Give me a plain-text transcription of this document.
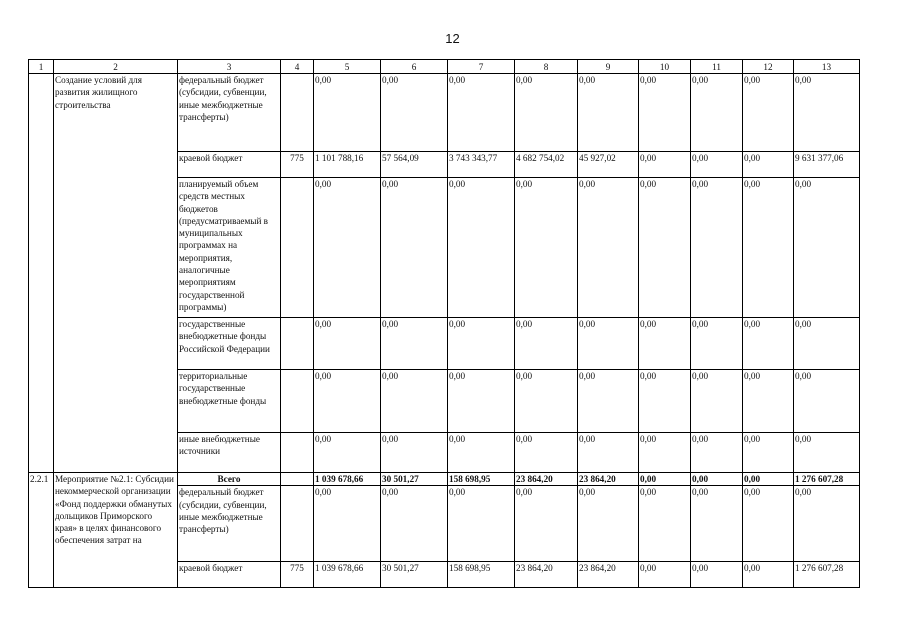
12
1	2	3	4	5	6	7	8	9	10	11	12	13
	Создание условий для развития жилищного строительства	федеральный бюджет (субсидии, субвенции, иные межбюджетные трансферты)		0,00	0,00	0,00	0,00	0,00	0,00	0,00	0,00	0,00
		краевой бюджет	775	1 101 788,16	57 564,09	3 743 343,77	4 682 754,02	45 927,02	0,00	0,00	0,00	9 631 377,06
		планируемый объем средств местных бюджетов (предусматриваемый в муниципальных программах на мероприятия, аналогичные мероприятиям государственной программы)		0,00	0,00	0,00	0,00	0,00	0,00	0,00	0,00	0,00
		государственные внебюджетные фонды Российской Федерации		0,00	0,00	0,00	0,00	0,00	0,00	0,00	0,00	0,00
		территориальные государственные внебюджетные фонды		0,00	0,00	0,00	0,00	0,00	0,00	0,00	0,00	0,00
		иные внебюджетные источники		0,00	0,00	0,00	0,00	0,00	0,00	0,00	0,00	0,00
2.2.1	Мероприятие №2.1: Субсидии некоммерческой организации «Фонд поддержки обманутых дольщиков Приморского края» в целях финансового обеспечения затрат на	Всего		1 039 678,66	30 501,27	158 698,95	23 864,20	23 864,20	0,00	0,00	0,00	1 276 607,28
		федеральный бюджет (субсидии, субвенции, иные межбюджетные трансферты)		0,00	0,00	0,00	0,00	0,00	0,00	0,00	0,00	0,00
		краевой бюджет	775	1 039 678,66	30 501,27	158 698,95	23 864,20	23 864,20	0,00	0,00	0,00	1 276 607,28
